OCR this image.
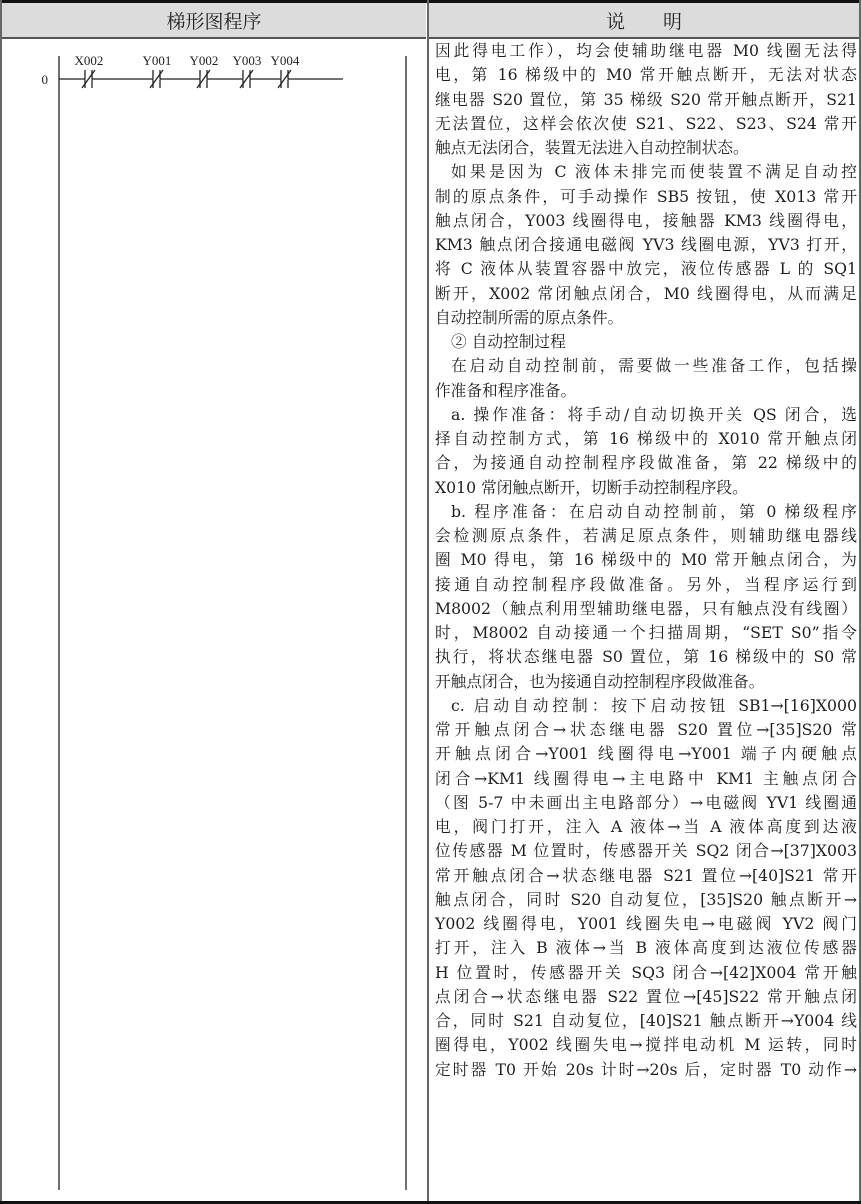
梯形图程序	说　　明
0
X002	Y001 Y002 Y003 Y004

因此得电工作），均会使辅助继电器 M0 线圈无法得

电，第 16 梯级中的 M0 常开触点断开，无法对状态

继电器 S20 置位，第 35 梯级 S20 常开触点断开，S21

无法置位，这样会依次使 S21、S22、S23、S24 常开

触点无法闭合，装置无法进入自动控制状态。

如果是因为 C 液体未排完而使装置不满足自动控

制的原点条件，可手动操作 SB5 按钮，使 X013 常开

触点闭合，Y003 线圈得电，接触器 KM3 线圈得电，

KM3 触点闭合接通电磁阀 YV3 线圈电源，YV3 打开，

将 C 液体从装置容器中放完，液位传感器 L 的 SQ1

断开，X002 常闭触点闭合，M0 线圈得电，从而满足

自动控制所需的原点条件。

② 自动控制过程

在启动自动控制前，需要做一些准备工作，包括操

作准备和程序准备。

a. 操作准备：将手动/自动切换开关 QS 闭合，选

择自动控制方式，第 16 梯级中的 X010 常开触点闭

合，为接通自动控制程序段做准备，第 22 梯级中的

X010 常闭触点断开，切断手动控制程序段。

b. 程序准备：在启动自动控制前，第 0 梯级程序

会检测原点条件，若满足原点条件，则辅助继电器线

圈 M0 得电，第 16 梯级中的 M0 常开触点闭合，为

接通自动控制程序段做准备。另外，当程序运行到

M8002（触点利用型辅助继电器，只有触点没有线圈）

时，M8002 自动接通一个扫描周期，“SET S0”指令

执行，将状态继电器 S0 置位，第 16 梯级中的 S0 常

开触点闭合，也为接通自动控制程序段做准备。

c. 启动自动控制：按下启动按钮 SB1→[16]X000

常开触点闭合→状态继电器 S20 置位→[35]S20 常

开触点闭合→Y001 线圈得电→Y001 端子内硬触点

闭合→KM1 线圈得电→主电路中 KM1 主触点闭合

（图 5-7 中未画出主电路部分）→电磁阀 YV1 线圈通

电，阀门打开，注入 A 液体→当 A 液体高度到达液

位传感器 M 位置时，传感器开关 SQ2 闭合→[37]X003

常开触点闭合→状态继电器 S21 置位→[40]S21 常开

触点闭合，同时 S20 自动复位，[35]S20 触点断开→

Y002 线圈得电，Y001 线圈失电→电磁阀 YV2 阀门

打开，注入 B 液体→当 B 液体高度到达液位传感器

H 位置时，传感器开关 SQ3 闭合→[42]X004 常开触

点闭合→状态继电器 S22 置位→[45]S22 常开触点闭

合，同时 S21 自动复位，[40]S21 触点断开→Y004 线

圈得电，Y002 线圈失电→搅拌电动机 M 运转，同时

定时器 T0 开始 20s 计时→20s 后，定时器 T0 动作→
